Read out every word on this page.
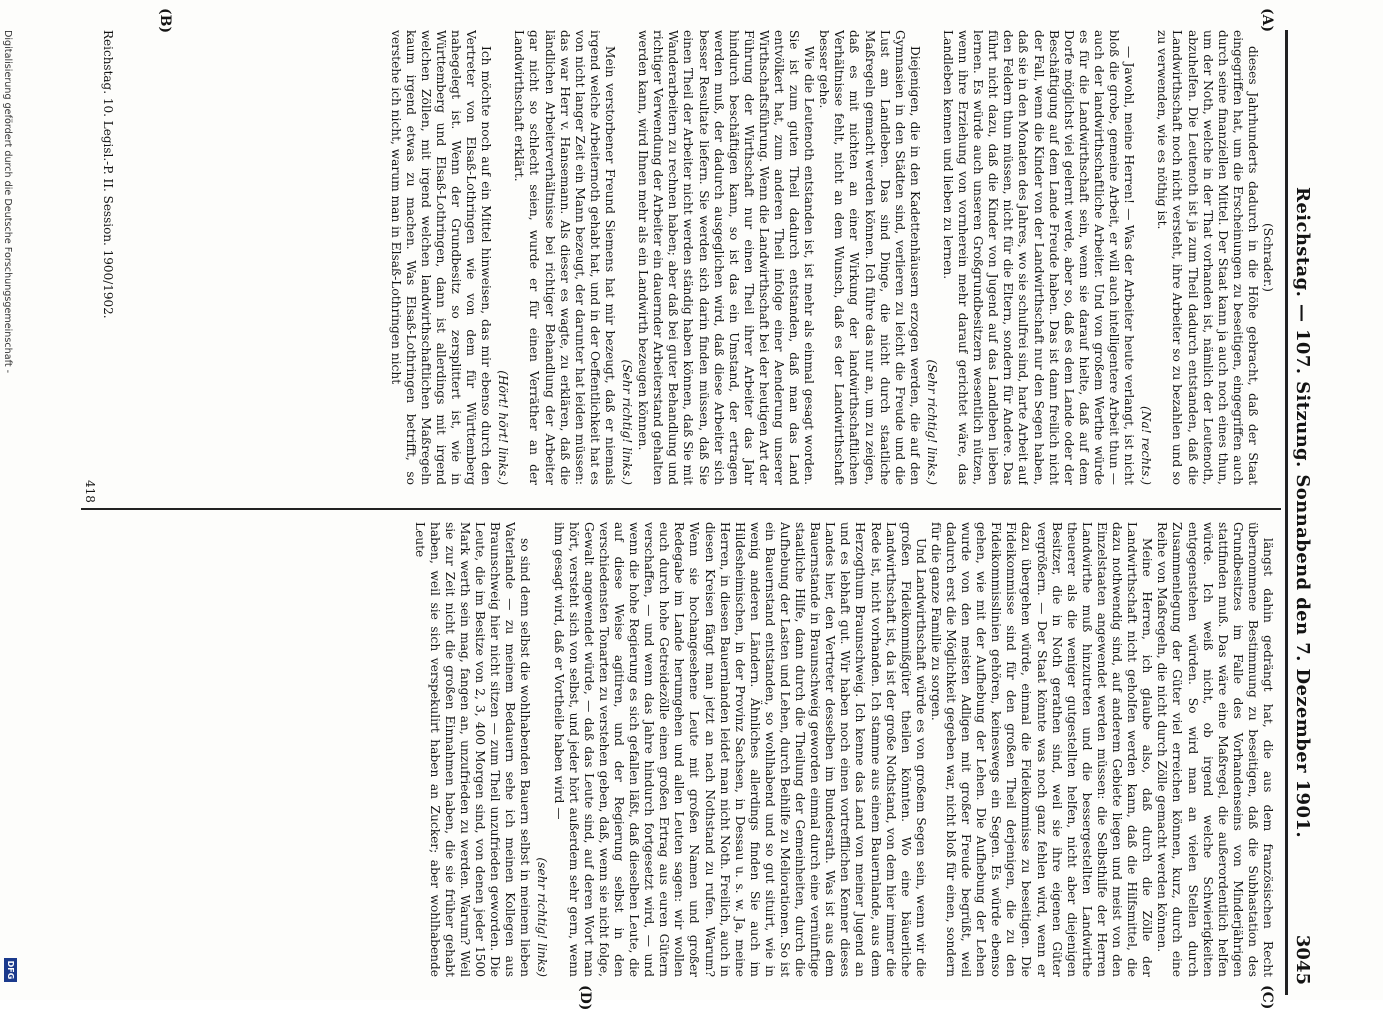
Reichstag. — 107. Sitzung. Sonnabend den 7. Dezember 1901.
3045
(A)
(B)
(C)
(D)

(Schrader.)

dieses Jahrhunderts dadurch in die Höhe gebracht, daß der Staat eingegriffen hat, um die Erscheinungen zu beseitigen, eingegriffen auch durch seine finanziellen Mittel. Der Staat kann ja auch noch eines thun, um der Noth, welche in der That vorhanden ist, nämlich der Leutenoth, abzuhelfen. Die Leutenoth ist ja zum Theil dadurch entstanden, daß die Landwirthschaft noch nicht versteht, ihre Arbeiter so zu bezahlen und so zu verwenden, wie es nöthig ist.

(Na! rechts.)

— Jawohl, meine Herren! — Was der Arbeiter heute verlangt, ist nicht bloß die grobe, gemeine Arbeit, er will auch intelligentere Arbeit thun — auch der landwirthschaftliche Arbeiter. Und von großem Werthe würde es für die Landwirthschaft sein, wenn sie darauf hielte, daß auf dem Dorfe möglichst viel gelernt werde, aber so, daß es dem Lande oder der Beschäftigung auf dem Lande Freude haben. Das ist dann freilich nicht der Fall, wenn die Kinder von der Landwirthschaft nur den Segen haben, daß sie in den Monaten des Jahres, wo sie schulfrei sind, harte Arbeit auf den Feldern thun müssen, nicht für die Eltern, sondern für Andere. Das führt nicht dazu, daß die Kinder von Jugend auf das Landleben lieben lernen. Es würde auch unseren Großgrundbesitzern wesentlich nützen, wenn ihre Erziehung von vornherein mehr darauf gerichtet wäre, das Landleben kennen und lieben zu lernen.

(Sehr richtig! links.)

Diejenigen, die in den Kadettenhäusern erzogen werden, die auf den Gymnasien in den Städten sind, verlieren zu leicht die Freude und die Lust am Landleben. Das sind Dinge, die nicht durch staatliche Maßregeln gemacht werden können. Ich führe das nur an, um zu zeigen, daß es mit nichten an einer Wirkung der landwirthschaftlichen Verhältnisse fehlt, nicht an dem Wunsch, daß es der Landwirthschaft besser gehe.

Wie die Leutenoth entstanden ist, ist mehr als einmal gesagt worden. Sie ist zum guten Theil dadurch entstanden, daß man das Land entvölkert hat, zum anderen Theil infolge einer Aenderung unserer Wirthschaftsführung. Wenn die Landwirthschaft bei der heutigen Art der Führung der Wirthschaft nur einen Theil ihrer Arbeiter das Jahr hindurch beschäftigen kann, so ist das ein Umstand, der ertragen werden muß, der dadurch ausgeglichen wird, daß diese Arbeiter sich besser Resultate liefern. Sie werden sich darin finden müssen, daß Sie einen Theil der Arbeiter nicht werden ständig haben können, daß Sie mit Wanderarbeitern zu rechnen haben; aber daß bei guter Behandlung und richtiger Verwendung der Arbeiter ein dauernder Arbeiterstand gehalten werden kann, wird Ihnen mehr als ein Landwirth bezeugen können.

(Sehr richtig! links.)

Mein verstorbener Freund Siemens hat mir bezeugt, daß er niemals irgend welche Arbeiternoth gehabt hat, und in der Oeffentlichkeit hat es von nicht langer Zeit ein Mann bezeugt, der darunter hat leiden müssen: das war Herr v. Hansemann. Als dieser es wagte, zu erklären, daß die ländlichen Arbeiterverhältnisse bei richtiger Behandlung der Arbeiter gar nicht so schlecht seien, wurde er für einen Verräther an der Landwirthschaft erklärt.

(Hört! hört! links.)

Ich möchte noch auf ein Mittel hinweisen, das mir ebenso durch den Vertreter von Elsaß-Lothringen wie von dem für Württemberg nahegelegt ist. Wenn der Grundbesitz so zersplittert ist, wie in Württemberg und Elsaß-Lothringen, dann ist allerdings mit irgend welchen Zöllen, mit irgend welchen landwirthschaftlichen Maßregeln kaum irgend etwas zu machen. Was Elsaß-Lothringen betrifft, so verstehe ich nicht, warum man in Elsaß-Lothringen nicht

längst dahin gedrängt hat, die aus dem französischen Recht übernommene Bestimmung zu beseitigen, daß die Subhastation des Grundbesitzes im Falle des Vorhandenseins von Minderjährigen stattfinden muß. Das wäre eine Maßregel, die außerordentlich helfen würde. Ich weiß nicht, ob irgend welche Schwierigkeiten entgegenstehen würden. So wird man an vielen Stellen durch Zusammenlegung der Güter viel erreichen können, kurz, durch eine Reihe von Maßregeln, die nicht durch Zölle gemacht werden können.

Meine Herren, ich glaube also, daß durch die Zölle der Landwirthschaft nicht geholfen werden kann, daß die Hilfsmittel, die dazu nothwendig sind, auf anderem Gebiete liegen und meist von den Einzelstaaten angewendet werden müssen: die Selbsthilfe der Herren Landwirthe muß hinzutreten und die bessergestellten Landwirthe theuerer als die weniger gutgestellten helfen, nicht aber diejenigen Besitzer, die in Noth gerathen sind, weil sie ihre eigenen Güter vergrößern. — Der Staat könnte was noch ganz fehlen wird, wenn er dazu übergehen würde, einmal die Fideikommisse zu beseitigen. Die Fideikommisse sind für den großen Theil derjenigen, die zu den Fideikommisslinien gehören, keineswegs ein Segen. Es würde ebenso gehen, wie mit der Aufhebung der Lehen. Die Aufhebung der Lehen wurde von den meisten Adligen mit großer Freude begrüßt, weil dadurch erst die Möglichkeit gegeben war, nicht bloß für einen, sondern für die ganze Familie zu sorgen.

Und Landwirthschaft würde es von großem Segen sein, wenn wir die großen Fideikommißgüter theilen könnten. Wo eine bäuerliche Landwirthschaft ist, da ist der große Nothstand, von dem hier immer die Rede ist, nicht vorhanden. Ich stamme aus einem Bauernlande, aus dem Herzogthum Braunschweig. Ich kenne das Land von meiner Jugend an und es lebhaft gut. Wir haben noch einen vortrefflichen Kenner dieses Landes hier, den Vertreter desselben im Bundesrath. Was ist aus dem Bauernstande in Braunschweig geworden einmal durch eine vernünftige staatliche Hilfe, dann durch die Theilung der Gemeinheiten, durch die Aufhebung der Lasten und Lehen, durch Beihilfe zu Meliorationen. So ist ein Bauernstand entstanden, so wohlhabend und so gut situirt, wie in wenig anderen Ländern. Ähnliches allerdings finden Sie auch im Hildesheimischen, in der Provinz Sachsen, in Dessau u. s. w. Ja, meine Herren, in diesen Bauernlanden leidet man nicht Noth. Freilich, auch in diesen Kreisen fängt man jetzt an nach Nothstand zu rufen. Warum? Wenn sie hochangesehene Leute mit großen Namen und großer Redegabe im Lande herumgehen und allen Leuten sagen: wir wollen euch durch hohe Getreidezölle einen großen Ertrag aus euren Gütern verschaffen, — und wenn das Jahre hindurch fortgesetzt wird, — und wenn die hohe Regierung es sich gefallen läßt, daß dieselben Leute, die auf diese Weise agitiren, und der Regierung selbst in den verschiedensten Tonarten zu verstehen geben, daß, wenn sie nicht folge, Gewalt angewendet würde, — daß das Leute sind, auf deren Wort man hört, versteht sich von selbst, und jeder hört außerdem sehr gern, wenn ihm gesagt wird, daß er Vortheile haben wird —

(sehr richtig! links)

so sind denn selbst die wohlhabenden Bauern selbst in meinem lieben Vaterlande — zu meinem Bedauern sehe ich meinen Kollegen aus Braunschweig hier nicht sitzen — zum Theil unzufrieden geworden. Die Leute, die im Besitze von 2, 3, 400 Morgen sind, von denen jeder 1500 Mark werth sein mag, fangen an, unzufrieden zu werden. Warum? Weil sie zur Zeit nicht die großen Einnahmen haben, die sie früher gehabt haben, weil sie sich verspekulirt haben an Zucker; aber wohlhabende Leute

Reichstag. 10. Legisl.-P. II. Session. 1900/1902.
418
Digitalisierung gefördert durch die Deutsche Forschungsgemeinschaft -
DFG
